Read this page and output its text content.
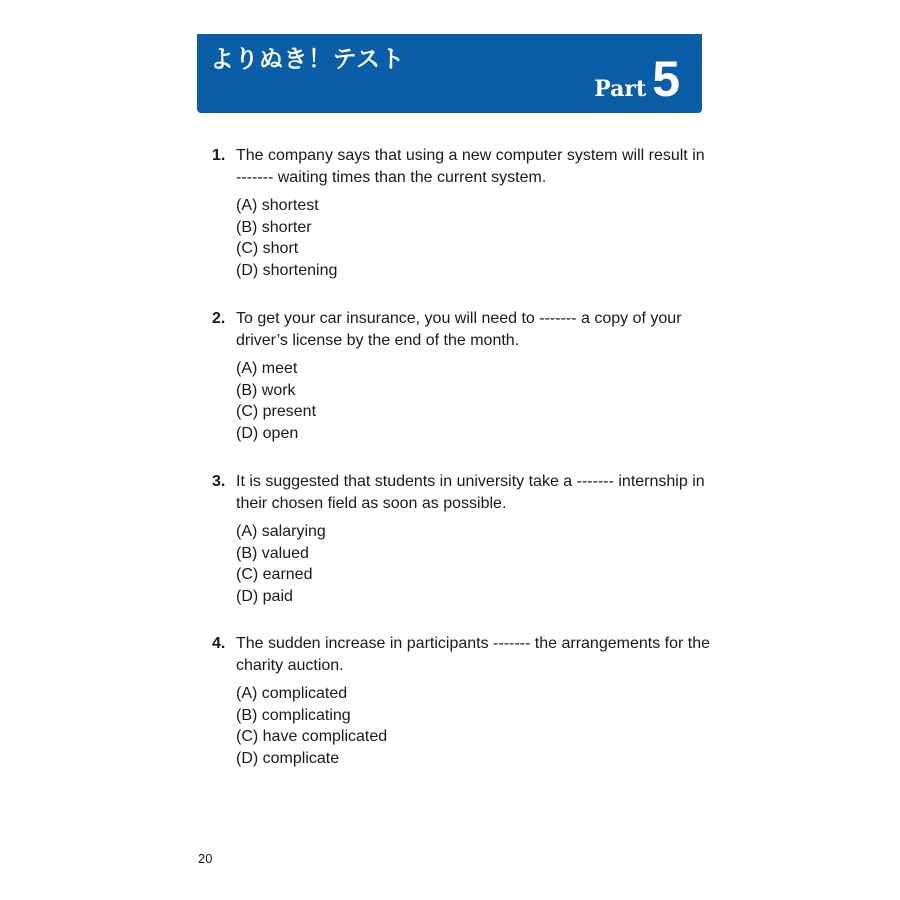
よりぬき！テスト
Part 5
1. The company says that using a new computer system will result in ------- waiting times than the current system.
(A) shortest
(B) shorter
(C) short
(D) shortening
2. To get your car insurance, you will need to ------- a copy of your driver’s license by the end of the month.
(A) meet
(B) work
(C) present
(D) open
3. It is suggested that students in university take a ------- internship in their chosen field as soon as possible.
(A) salarying
(B) valued
(C) earned
(D) paid
4. The sudden increase in participants ------- the arrangements for the charity auction.
(A) complicated
(B) complicating
(C) have complicated
(D) complicate
20
